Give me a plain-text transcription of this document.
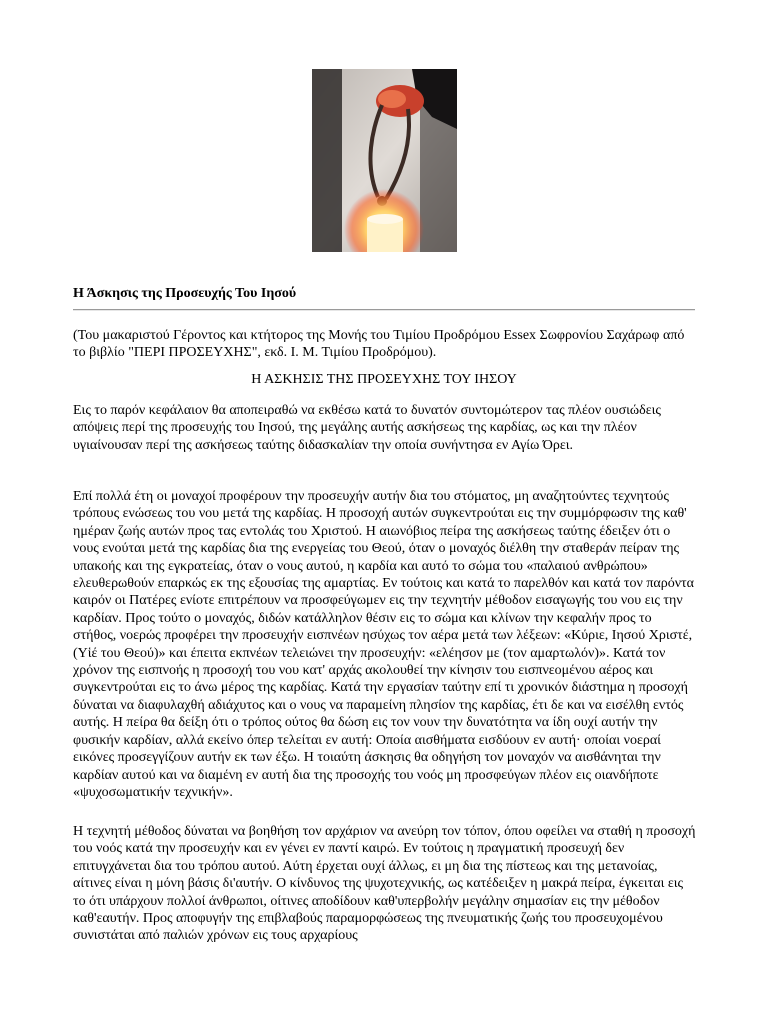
Η Άσκησις της Προσευχής Του Ιησού

(Του μακαριστού Γέροντος και κτήτορος της Μονής του Τιμίου Προδρόμου Essex Σωφρονίου Σαχάρωφ από το βιβλίο "ΠΕΡΙ ΠΡΟΣΕΥΧΗΣ", εκδ. Ι. Μ. Τιμίου Προδρόμου).

Η ΑΣΚΗΣΙΣ ΤΗΣ ΠΡΟΣΕΥΧΗΣ ΤΟΥ ΙΗΣΟΥ

Εις το παρόν κεφάλαιον θα αποπειραθώ να εκθέσω κατά το δυνατόν συντομώτερον τας πλέον ουσιώδεις απόψεις περί της προσευχής του Ιησού, της μεγάλης αυτής ασκήσεως της καρδίας, ως και την πλέον υγιαίνουσαν περί της ασκήσεως ταύτης διδασκαλίαν την οποία συνήντησα εν Αγίω Όρει.

Επί πολλά έτη οι μοναχοί προφέρουν την προσευχήν αυτήν δια του στόματος, μη αναζητούντες τεχνητούς τρόπους ενώσεως του νου μετά της καρδίας. Η προσοχή αυτών συγκεντρούται εις την συμμόρφωσιν της καθ' ημέραν ζωής αυτών προς τας εντολάς του Χριστού. Η αιωνόβιος πείρα της ασκήσεως ταύτης έδειξεν ότι ο νους ενούται μετά της καρδίας δια της ενεργείας του Θεού, όταν ο μοναχός διέλθη την σταθεράν πείραν της υπακοής και της εγκρατείας, όταν ο νους αυτού, η καρδία και αυτό το σώμα του «παλαιού ανθρώπου» ελευθερωθούν επαρκώς εκ της εξουσίας της αμαρτίας. Εν τούτοις και κατά το παρελθόν και κατά τον παρόντα καιρόν οι Πατέρες ενίοτε επιτρέπουν να προσφεύγωμεν εις την τεχνητήν μέθοδον εισαγωγής του νου εις την καρδίαν. Προς τούτο ο μοναχός, διδών κατάλληλον θέσιν εις το σώμα και κλίνων την κεφαλήν προς το στήθος, νοερώς προφέρει την προσευχήν εισπνέων ησύχως τον αέρα μετά των λέξεων: «Κύριε, Ιησού Χριστέ, (Υἱέ του Θεού)» και έπειτα εκπνέων τελειώνει την προσευχήν: «ελέησον με (τον αμαρτωλόν)». Κατά τον χρόνον της εισπνοής η προσοχή του νου κατ' αρχάς ακολουθεί την κίνησιν του εισπνεομένου αέρος και συγκεντρούται εις το άνω μέρος της καρδίας. Κατά την εργασίαν ταύτην επί τι χρονικόν διάστημα η προσοχή δύναται να διαφυλαχθή αδιάχυτος και ο νους να παραμείνη πλησίον της καρδίας, έτι δε και να εισέλθη εντός αυτής. Η πείρα θα δείξη ότι ο τρόπος ούτος θα δώση εις τον νουν την δυνατότητα να ίδη ουχί αυτήν την φυσικήν καρδίαν, αλλά εκείνο όπερ τελείται εν αυτή: Οποία αισθήματα εισδύουν εν αυτή· οποίαι νοεραί εικόνες προσεγγίζουν αυτήν εκ των έξω. Η τοιαύτη άσκησις θα οδηγήση τον μοναχόν να αισθάνηται την καρδίαν αυτού και να διαμένη εν αυτή δια της προσοχής του νοός μη προσφεύγων πλέον εις οιανδήποτε «ψυχοσωματικήν τεχνικήν».

Η τεχνητή μέθοδος δύναται να βοηθήση τον αρχάριον να ανεύρη τον τόπον, όπου οφείλει να σταθή η προσοχή του νοός κατά την προσευχήν και εν γένει εν παντί καιρώ. Εν τούτοις η πραγματική προσευχή δεν επιτυγχάνεται δια του τρόπου αυτού. Αύτη έρχεται ουχί άλλως, ει μη δια της πίστεως και της μετανοίας, αίτινες είναι η μόνη βάσις δι'αυτήν. Ο κίνδυνος της ψυχοτεχνικής, ως κατέδειξεν η μακρά πείρα, έγκειται εις το ότι υπάρχουν πολλοί άνθρωποι, οίτινες αποδίδουν καθ'υπερβολήν μεγάλην σημασίαν εις την μέθοδον καθ'εαυτήν. Προς αποφυγήν της επιβλαβούς παραμορφώσεως της πνευματικής ζωής του προσευχομένου συνιστάται από παλιών χρόνων εις τους αρχαρίους
